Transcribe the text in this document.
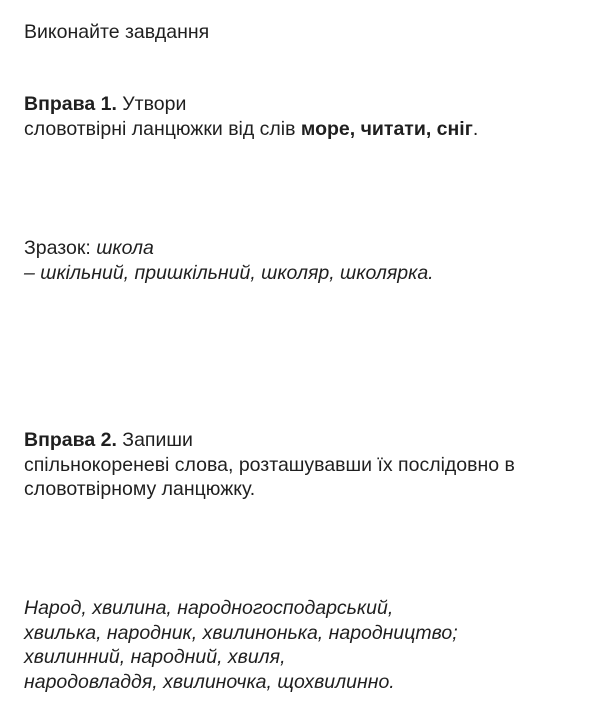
Виконайте завдання
Вправа 1. Утвори
словотвірні ланцюжки від слів море, читати, сніг.
Зразок: школа
– шкільний, пришкільний, школяр, школярка.
Вправа 2. Запиши
спільнокореневі слова, розташувавши їх послідовно в
словотвірному ланцюжку.
Народ, хвилина, народногосподарський,
хвилька, народник, хвилинонька, народництво;
хвилинний, народний, хвиля,
народовладдя, хвилиночка, щохвилинно.
